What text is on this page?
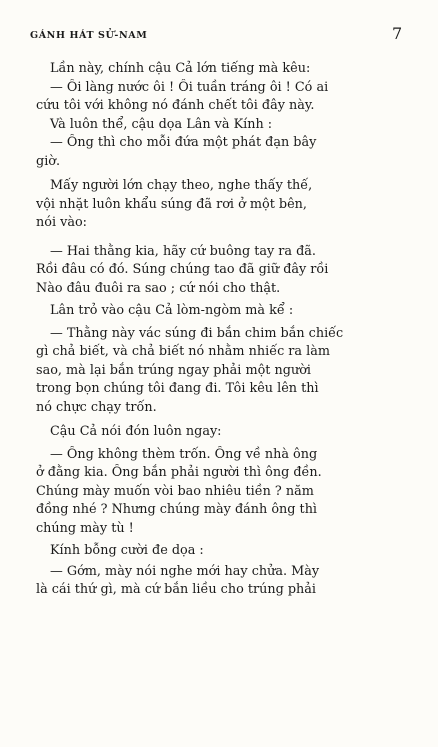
GÁNH HÁT SỬ-NAM	7
Lần này, chính cậu Cả lớn tiếng mà kêu:
— Ối làng nước ôi ! Ối tuần tráng ôi ! Có ai
cứu tôi với không nó đánh chết tôi đây này.
Và luôn thể, cậu dọa Lân và Kính :
— Ông thì cho mỗi đứa một phát đạn bây
giờ.
Mấy người lớn chạy theo, nghe thấy thế,
vội nhặt luôn khẩu súng đã rơi ở một bên,
nói vào:
— Hai thằng kia, hãy cứ buông tay ra đã.
Rồi đâu có đó. Súng chúng tao đã giữ đây rồi
Nào đâu đuôi ra sao ; cứ nói cho thật.
Lân trỏ vào cậu Cả lòm-ngòm mà kể :
— Thằng này vác súng đi bắn chim bắn chiếc
gì chả biết, và chả biết nó nhằm nhiếc ra làm
sao, mà lại bắn trúng ngay phải một người
trong bọn chúng tôi đang đi. Tôi kêu lên thì
nó chực chạy trốn.
Cậu Cả nói đón luôn ngay:
— Ông không thèm trốn. Ông về nhà ông
ở đằng kia. Ông bắn phải người thì ông đền.
Chúng mày muốn vòi bao nhiêu tiền ? năm
đồng nhé ? Nhưng chúng mày đánh ông thì
chúng mày tù !
Kính bỗng cười đe dọa :
— Gớm, mày nói nghe mới hay chửa. Mày
là cái thứ gì, mà cứ bắn liều cho trúng phải
